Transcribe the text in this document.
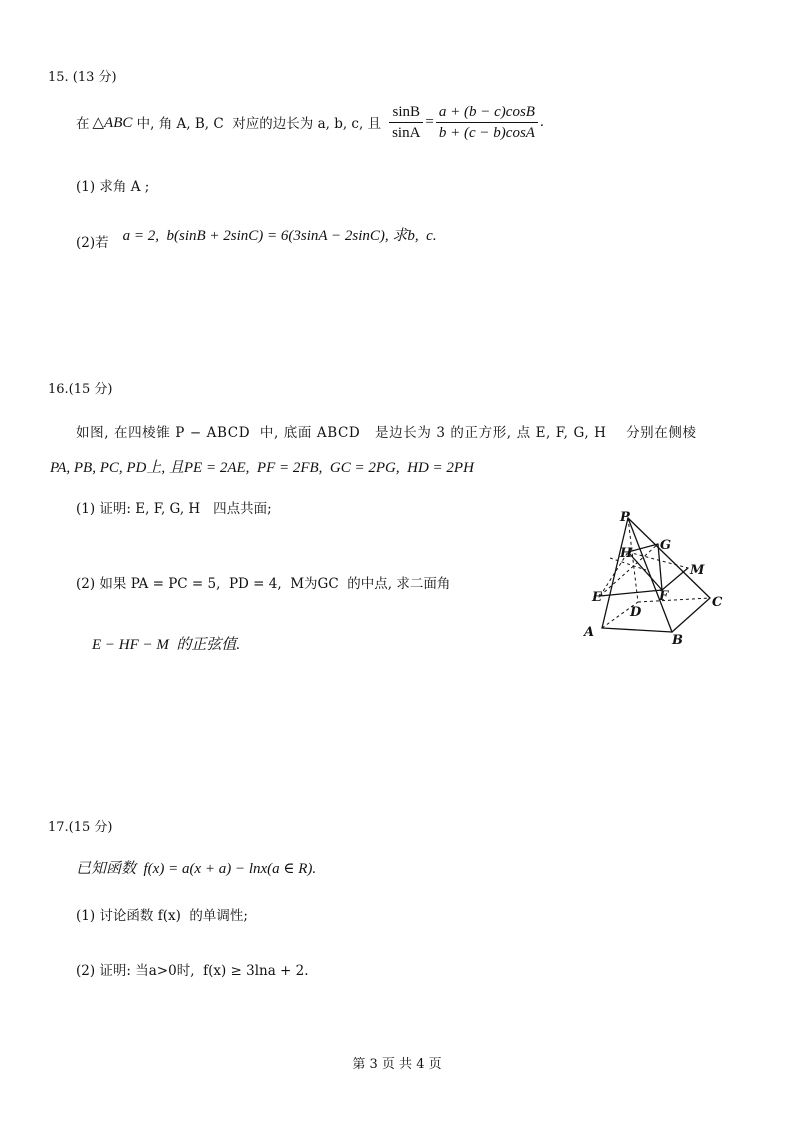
15. (13 分)
在 △ABC 中, 角 A, B, C  对应的边长为 a, b, c, 且 $\frac{\sin B}{\sin A} = \frac{a + (b - c)\cos B}{b + (c - b)\cos A}$ .
(1) 求角 A ;
(2)若 a = 2,  b(sinB + 2sinC) = 6(3sinA − 2sinC), 求b,  c.
16.(15 分)
如图, 在四棱锥 P − ABCD  中, 底面 ABCD   是边长为 3 的正方形, 点 E, F, G, H    分别在侧棱
PA, PB, PC, PD上, 且PE = 2AE,  PF = 2FB,  GC = 2PG,  HD = 2PH
(1) 证明: E, F, G, H   四点共面;
(2) 如果 PA = PC = 5,  PD = 4,  M为GC  的中点, 求二面角
E − HF − M  的正弦值.
P
H
G
M
E	F	C
D
A
B
17.(15 分)
已知函数  f(x) = a(x + a) − lnx(a ∈ R).
(1) 讨论函数 f(x)  的单调性;
(2) 证明: 当a>0时,  f(x) ≥ 3lna + 2.
第 3 页 共 4 页
